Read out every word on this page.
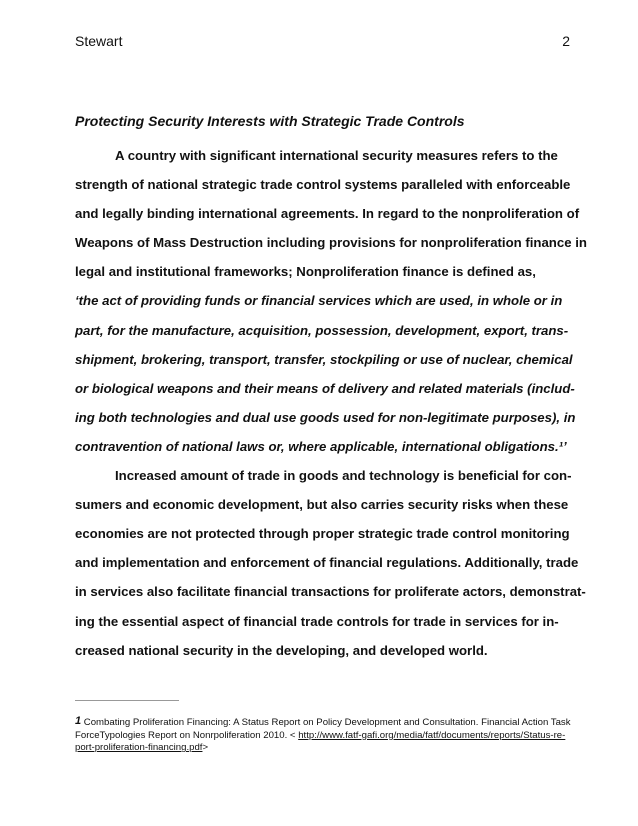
Stewart	2
Protecting Security Interests with Strategic Trade Controls
A country with significant international security measures refers to the
strength of national strategic trade control systems paralleled with enforceable
and legally binding international agreements. In regard to the nonproliferation of
Weapons of Mass Destruction including provisions for nonproliferation finance in
legal and institutional frameworks; Nonproliferation finance is defined as,
‘the act of providing funds or financial services which are used, in whole or in
part, for the manufacture, acquisition, possession, development, export, trans-
shipment, brokering, transport, transfer, stockpiling or use of nuclear, chemical
or biological weapons and their means of delivery and related materials (includ-
ing both technologies and dual use goods used for non-legitimate purposes), in
contravention of national laws or, where applicable, international obligations.¹’
Increased amount of trade in goods and technology is beneficial for con-
sumers and economic development, but also carries security risks when these
economies are not protected through proper strategic trade control monitoring
and implementation and enforcement of financial regulations. Additionally, trade
in services also facilitate financial transactions for proliferate actors, demonstrat-
ing the essential aspect of financial trade controls for trade in services for in-
creased national security in the developing, and developed world.
1 Combating Proliferation Financing: A Status Report on Policy Development and Consultation. Financial Action Task
ForceTypologies Report on Nonrpoliferation 2010. < http://www.fatf-gafi.org/media/fatf/documents/reports/Status-re-
port-proliferation-financing.pdf>
